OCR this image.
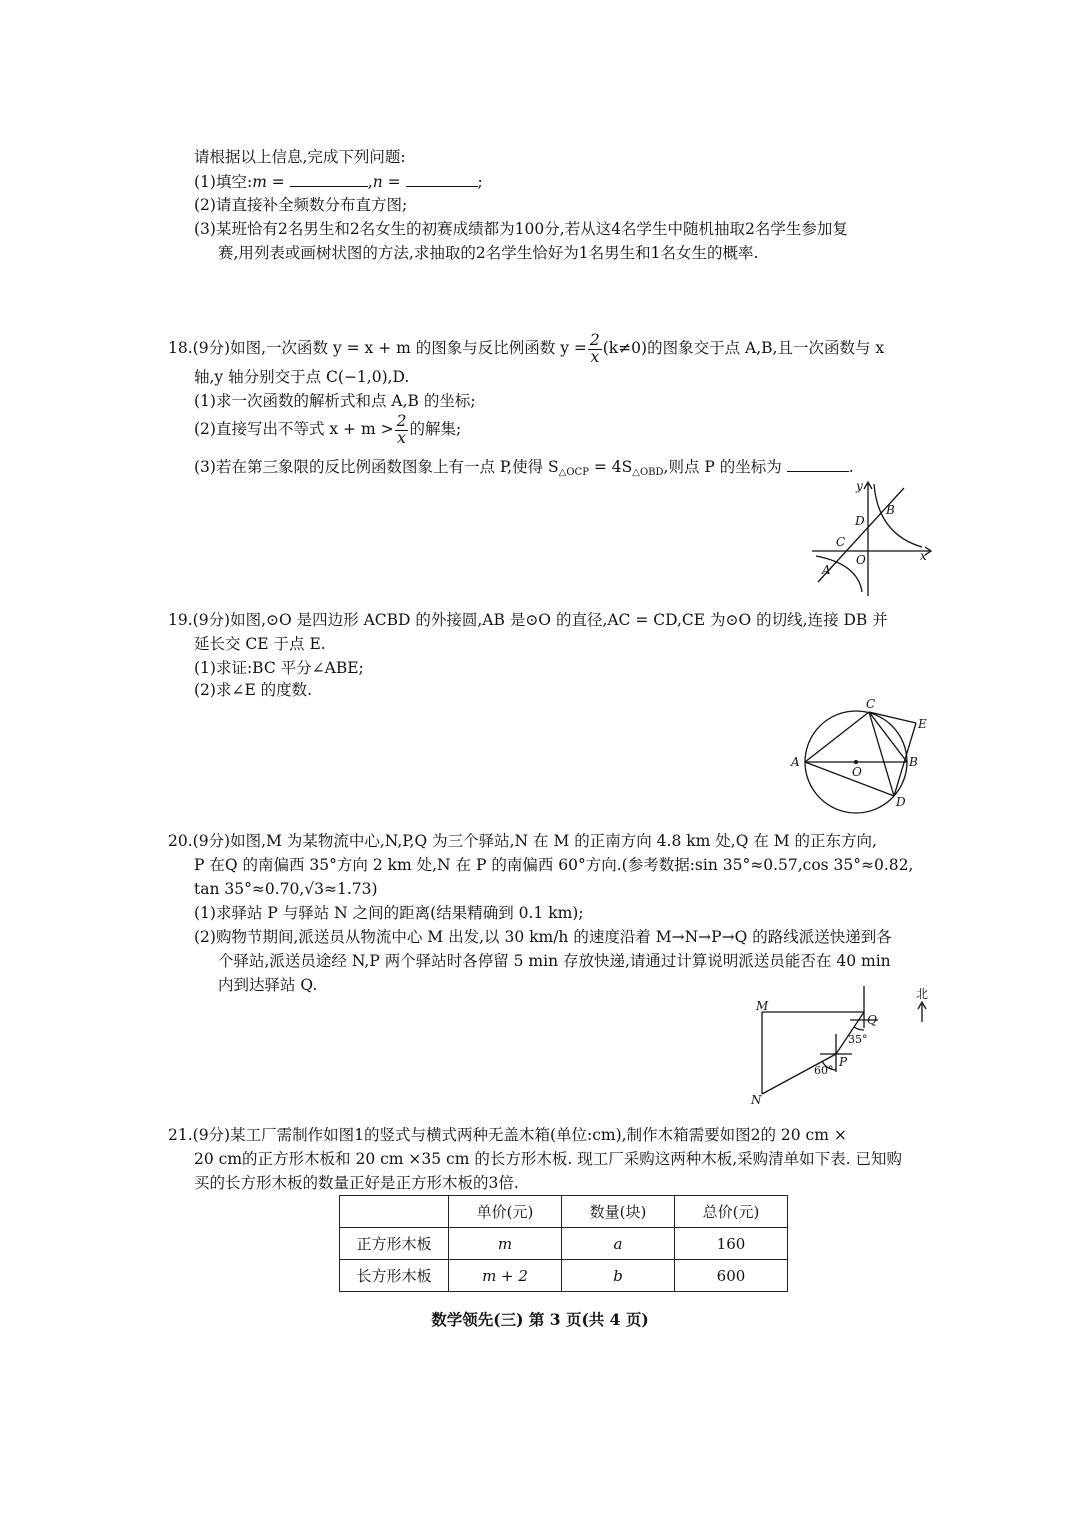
请根据以上信息,完成下列问题:
(1)填空:m =	,n =	;
(2)请直接补全频数分布直方图;
(3)某班恰有2名男生和2名女生的初赛成绩都为100分,若从这4名学生中随机抽取2名学生参加复
赛,用列表或画树状图的方法,求抽取的2名学生恰好为1名男生和1名女生的概率.
18.(9分)如图,一次函数 y = x + m 的图象与反比例函数 $y = \frac{2}{x} (k\ne 0)$的图象交于点 A,B,且一次函数与 x
轴,y 轴分别交于点 C(−1,0),D.
(1)求一次函数的解析式和点 A,B 的坐标;
(2)直接写出不等式 $x + m > \frac{2}{x}$ 的解集;
(3)若在第三象限的反比例函数图象上有一点 P,使得 $S_{\triangle OCP} = 4S_{\triangle OBD}$,则点 P 的坐标为	.
y
x
D
B
C
O
A
19.(9分)如图,⊙O 是四边形 ACBD 的外接圆,AB 是⊙O 的直径,AC = CD,CE 为⊙O 的切线,连接 DB 并
延长交 CE 于点 E.
(1)求证:BC 平分∠ABE;
(2)求∠E 的度数.
A	B
C
D
E
O
20.(9分)如图,M 为某物流中心,N,P,Q 为三个驿站,N 在 M 的正南方向 4.8 km 处,Q 在 M 的正东方向,
P 在Q 的南偏西 35°方向 2 km 处,N 在 P 的南偏西 60°方向.(参考数据:sin 35°≈0.57,cos 35°≈0.82,
tan 35°≈0.70,√3≈1.73)
(1)求驿站 P 与驿站 N 之间的距离(结果精确到 0.1 km);
(2)购物节期间,派送员从物流中心 M 出发,以 30 km/h 的速度沿着 M→N→P→Q 的路线派送快递到各
个驿站,派送员途经 N,P 两个驿站时各停留 5 min 存放快递,请通过计算说明派送员能否在 40 min
内到达驿站 Q.
M
N
P
Q
35°
60°
北
21.(9分)某工厂需制作如图1的竖式与横式两种无盖木箱(单位:cm),制作木箱需要如图2的 20 cm ×
20 cm的正方形木板和 20 cm ×35 cm 的长方形木板. 现工厂采购这两种木板,采购清单如下表. 已知购
买的长方形木板的数量正好是正方形木板的3倍.
	单价(元)	数量(块)	总价(元)
正方形木板	m	a	160
长方形木板	m + 2	b	600
数学领先(三) 第 3 页(共 4 页)
